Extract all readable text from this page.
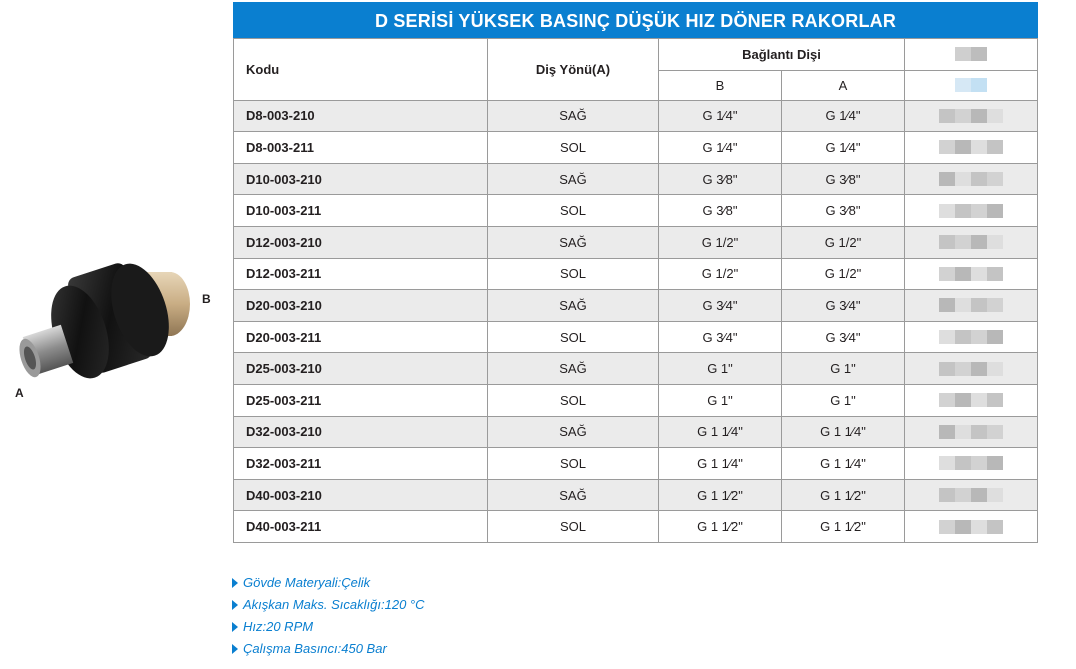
A
B
D SERİSİ YÜKSEK BASINÇ DÜŞÜK HIZ DÖNER RAKORLAR
Kodu	Diş Yönü(A)	Bağlantı Dişi		

		B	A	

D8-003-210	SAĞ	G 1⁄4"	G 1⁄4"	

D8-003-211	SOL	G 1⁄4"	G 1⁄4"	

D10-003-210	SAĞ	G 3⁄8"	G 3⁄8"	

D10-003-211	SOL	G 3⁄8"	G 3⁄8"	

D12-003-210	SAĞ	G 1/2"	G 1/2"	

D12-003-211	SOL	G 1/2"	G 1/2"	

D20-003-210	SAĞ	G 3⁄4"	G 3⁄4"	

D20-003-211	SOL	G 3⁄4"	G 3⁄4"	

D25-003-210	SAĞ	G 1"	G 1"	

D25-003-211	SOL	G 1"	G 1"	

D32-003-210	SAĞ	G 1 1⁄4"	G 1 1⁄4"	

D32-003-211	SOL	G 1 1⁄4"	G 1 1⁄4"	

D40-003-210	SAĞ	G 1 1⁄2"	G 1 1⁄2"	

D40-003-211	SOL	G 1 1⁄2"	G 1 1⁄2"	
Gövde Materyali:Çelik
Akışkan Maks. Sıcaklığı:120 °C
Hız:20 RPM
Çalışma Basıncı:450 Bar
